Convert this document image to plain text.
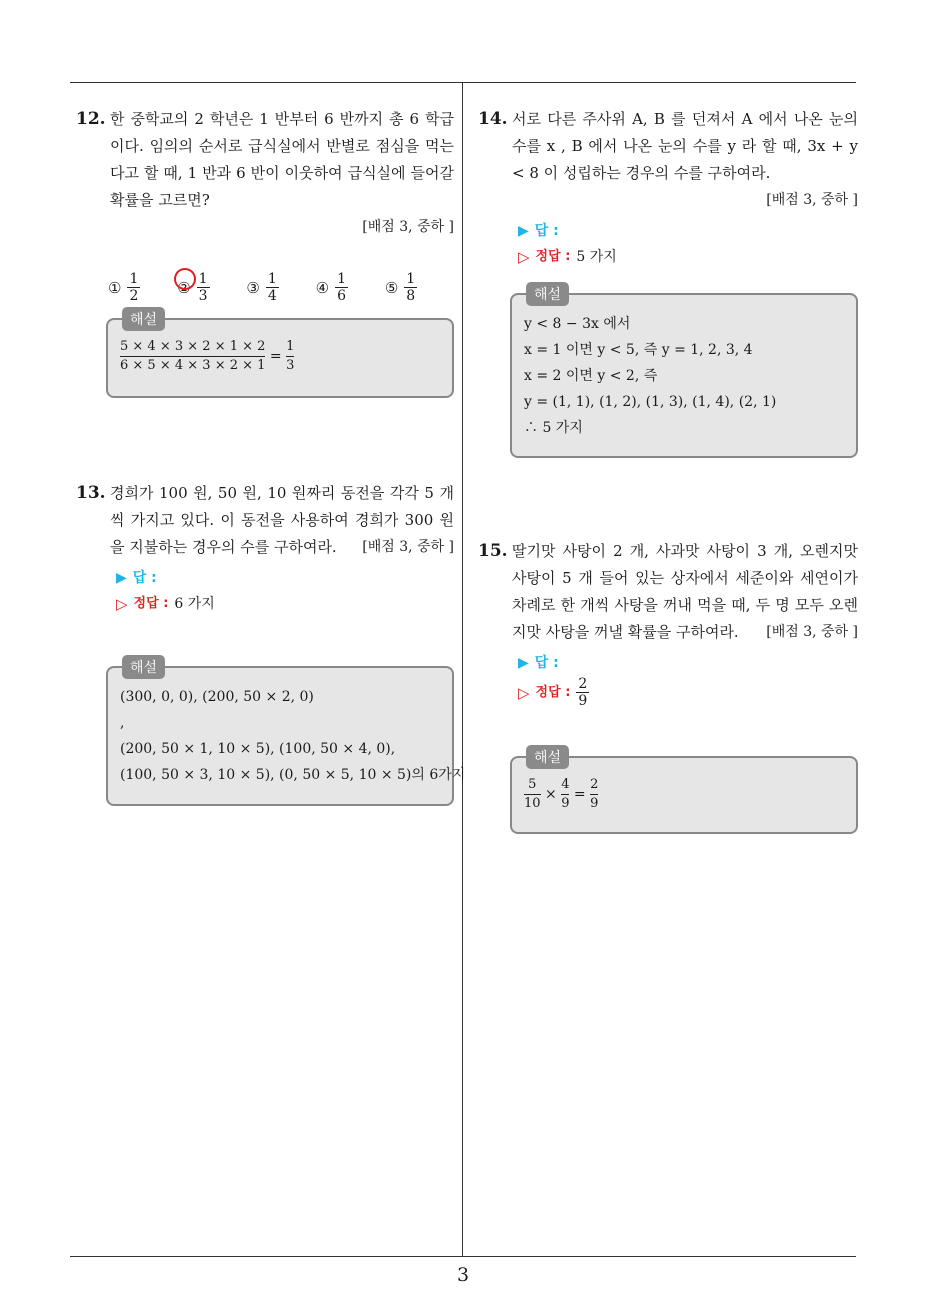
12. 한 중학교의 2 학년은 1 반부터 6 반까지 총 6 학급이다. 임의의 순서로 급식실에서 반별로 점심을 먹는다고 할 때, 1 반과 6 반이 이웃하여 급식실에 들어갈 확률을 고르면?
[배점 3, 중하 ]
① $\frac{1}{2}$ ② $\frac{1}{3}$ ③ $\frac{1}{4}$ ④ $\frac{1}{6}$ ⑤ $\frac{1}{8}$
해설
$\frac{5 \times 4 \times 3 \times 2 \times 1 \times 2}{6 \times 5 \times 4 \times 3 \times 2 \times 1} = \frac{1}{3}$
13. 경희가 100 원, 50 원, 10 원짜리 동전을 각각 5 개씩 가지고 있다. 이 동전을 사용하여 경희가 300 원을 지불하는 경우의 수를 구하여라. [배점 3, 중하 ]
▶ 답 :
▷ 정답 : 6 가지
해설
(300, 0, 0), (200, 50 × 2, 0)
,
(200, 50 × 1, 10 × 5), (100, 50 × 4, 0),
(100, 50 × 3, 10 × 5), (0, 50 × 5, 10 × 5)의 6가지
14. 서로 다른 주사위 A, B 를 던져서 A 에서 나온 눈의 수를 x , B 에서 나온 눈의 수를 y 라 할 때, 3x + y < 8 이 성립하는 경우의 수를 구하여라.
[배점 3, 중하 ]
▶ 답 :
▷ 정답 : 5 가지
해설
y < 8 − 3x 에서
x = 1 이면 y < 5, 즉 y = 1, 2, 3, 4
x = 2 이면 y < 2, 즉
y = (1, 1), (1, 2), (1, 3), (1, 4), (2, 1)
∴ 5 가지
15. 딸기맛 사탕이 2 개, 사과맛 사탕이 3 개, 오렌지맛 사탕이 5 개 들어 있는 상자에서 세준이와 세연이가 차례로 한 개씩 사탕을 꺼내 먹을 때, 두 명 모두 오렌지맛 사탕을 꺼낼 확률을 구하여라. [배점 3, 중하 ]
▶ 답 :
▷ 정답 : $\frac{2}{9}$
해설
$\frac{5}{10} \times \frac{4}{9} = \frac{2}{9}$
3
